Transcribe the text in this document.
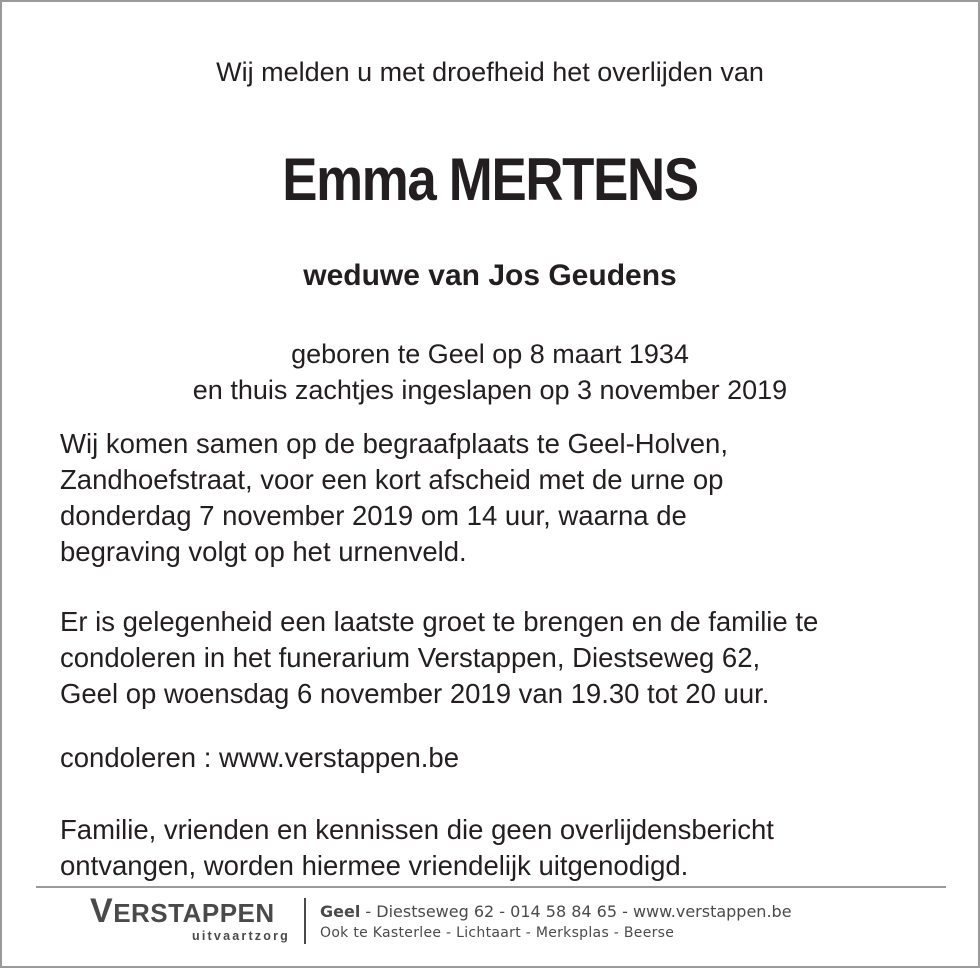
Wij melden u met droefheid het overlijden van
Emma MERTENS
weduwe van Jos Geudens
geboren te Geel op 8 maart 1934
en thuis zachtjes ingeslapen op 3 november 2019
Wij komen samen op de begraafplaats te Geel-Holven,
Zandhoefstraat, voor een kort afscheid met de urne op
donderdag 7 november 2019 om 14 uur, waarna de
begraving volgt op het urnenveld.
Er is gelegenheid een laatste groet te brengen en de familie te
condoleren in het funerarium Verstappen, Diestseweg 62,
Geel op woensdag 6 november 2019 van 19.30 tot 20 uur.
condoleren : www.verstappen.be
Familie, vrienden en kennissen die geen overlijdensbericht
ontvangen, worden hiermee vriendelijk uitgenodigd.
VERSTAPPEN
uitvaartzorg
Geel - Diestseweg 62 - 014 58 84 65 - www.verstappen.be
Ook te Kasterlee - Lichtaart - Merksplas - Beerse
